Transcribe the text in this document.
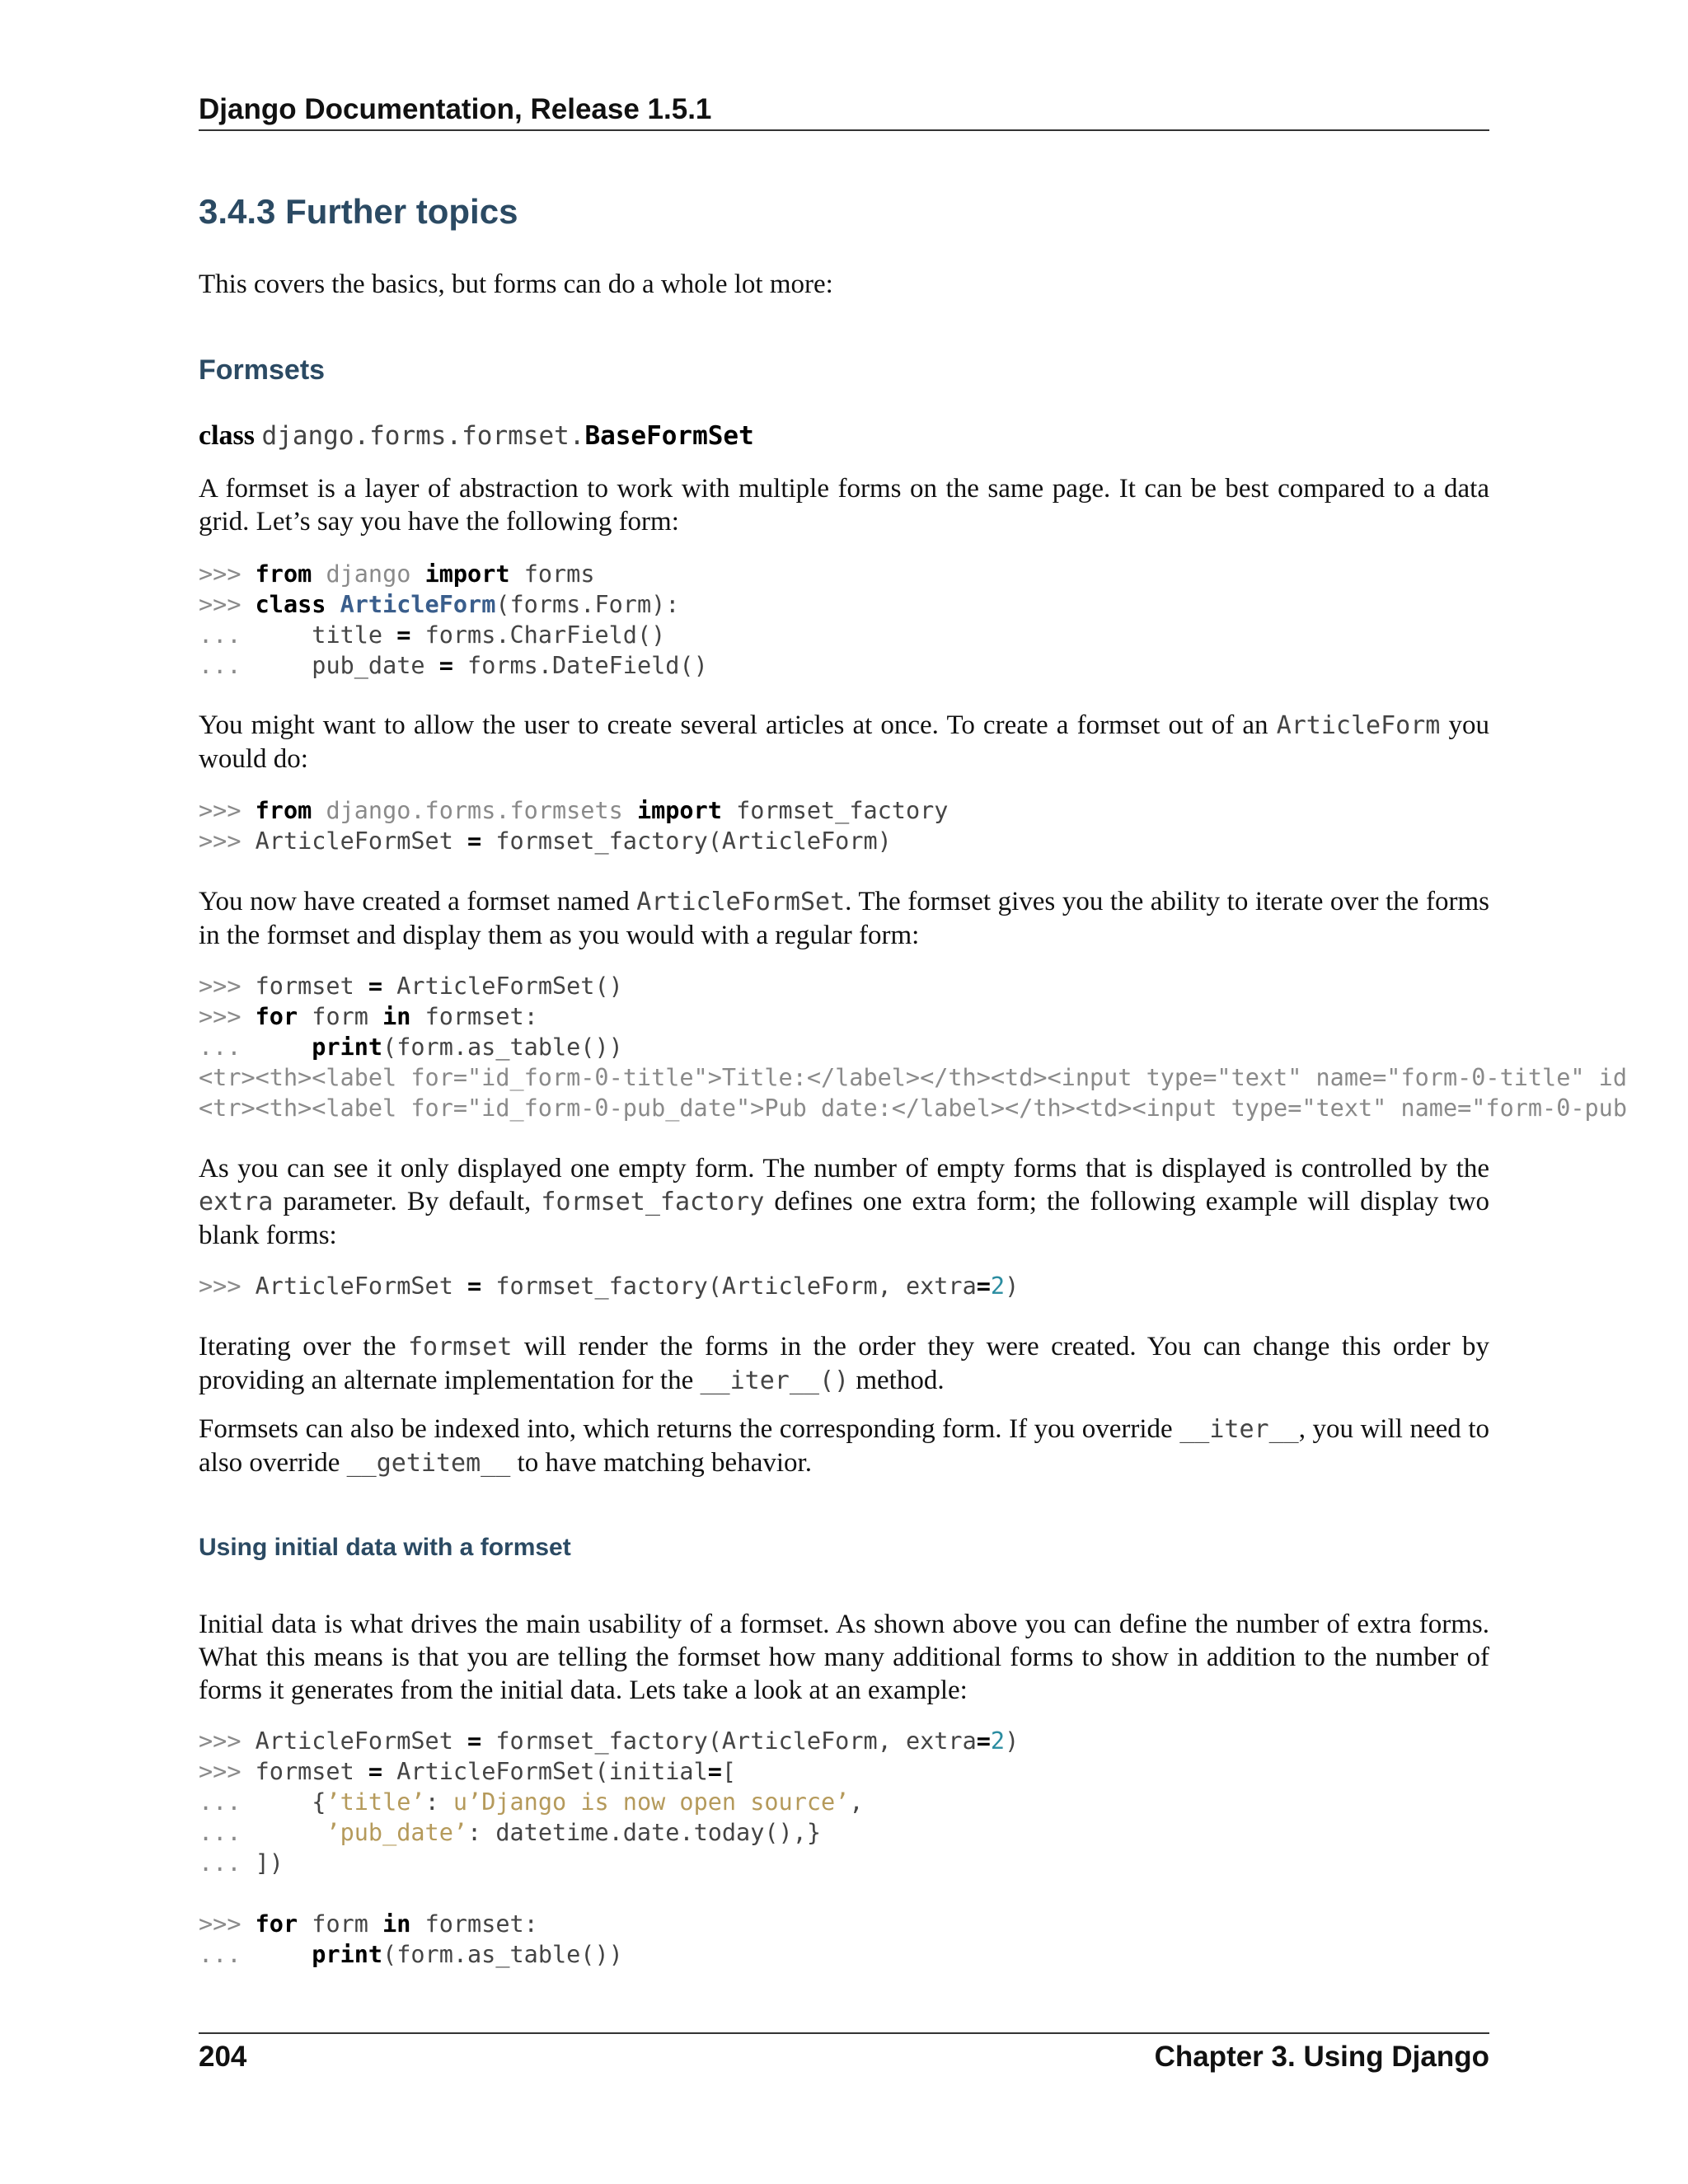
Django Documentation, Release 1.5.1
3.4.3 Further topics
This covers the basics, but forms can do a whole lot more:
Formsets
class django.forms.formset.BaseFormSet
A formset is a layer of abstraction to work with multiple forms on the same page. It can be best compared to a data grid. Let’s say you have the following form:
>>> from django import forms
>>> class ArticleForm(forms.Form):
...     title = forms.CharField()
...     pub_date = forms.DateField()
You might want to allow the user to create several articles at once. To create a formset out of an ArticleForm you would do:
>>> from django.forms.formsets import formset_factory
>>> ArticleFormSet = formset_factory(ArticleForm)
You now have created a formset named ArticleFormSet. The formset gives you the ability to iterate over the forms in the formset and display them as you would with a regular form:
>>> formset = ArticleFormSet()
>>> for form in formset:
...     print(form.as_table())
<tr><th><label for="id_form-0-title">Title:</label></th><td><input type="text" name="form-0-title" id
<tr><th><label for="id_form-0-pub_date">Pub date:</label></th><td><input type="text" name="form-0-pub
As you can see it only displayed one empty form. The number of empty forms that is displayed is controlled by the extra parameter. By default, formset_factory defines one extra form; the following example will display two blank forms:
>>> ArticleFormSet = formset_factory(ArticleForm, extra=2)
Iterating over the formset will render the forms in the order they were created. You can change this order by providing an alternate implementation for the __iter__() method.
Formsets can also be indexed into, which returns the corresponding form. If you override __iter__, you will need to also override __getitem__ to have matching behavior.
Using initial data with a formset
Initial data is what drives the main usability of a formset. As shown above you can define the number of extra forms. What this means is that you are telling the formset how many additional forms to show in addition to the number of forms it generates from the initial data. Lets take a look at an example:
>>> ArticleFormSet = formset_factory(ArticleForm, extra=2)
>>> formset = ArticleFormSet(initial=[
...     {’title’: u’Django is now open source’,
...      ’pub_date’: datetime.date.today(),}
... ])

>>> for form in formset:
...     print(form.as_table())
204	Chapter 3. Using Django
